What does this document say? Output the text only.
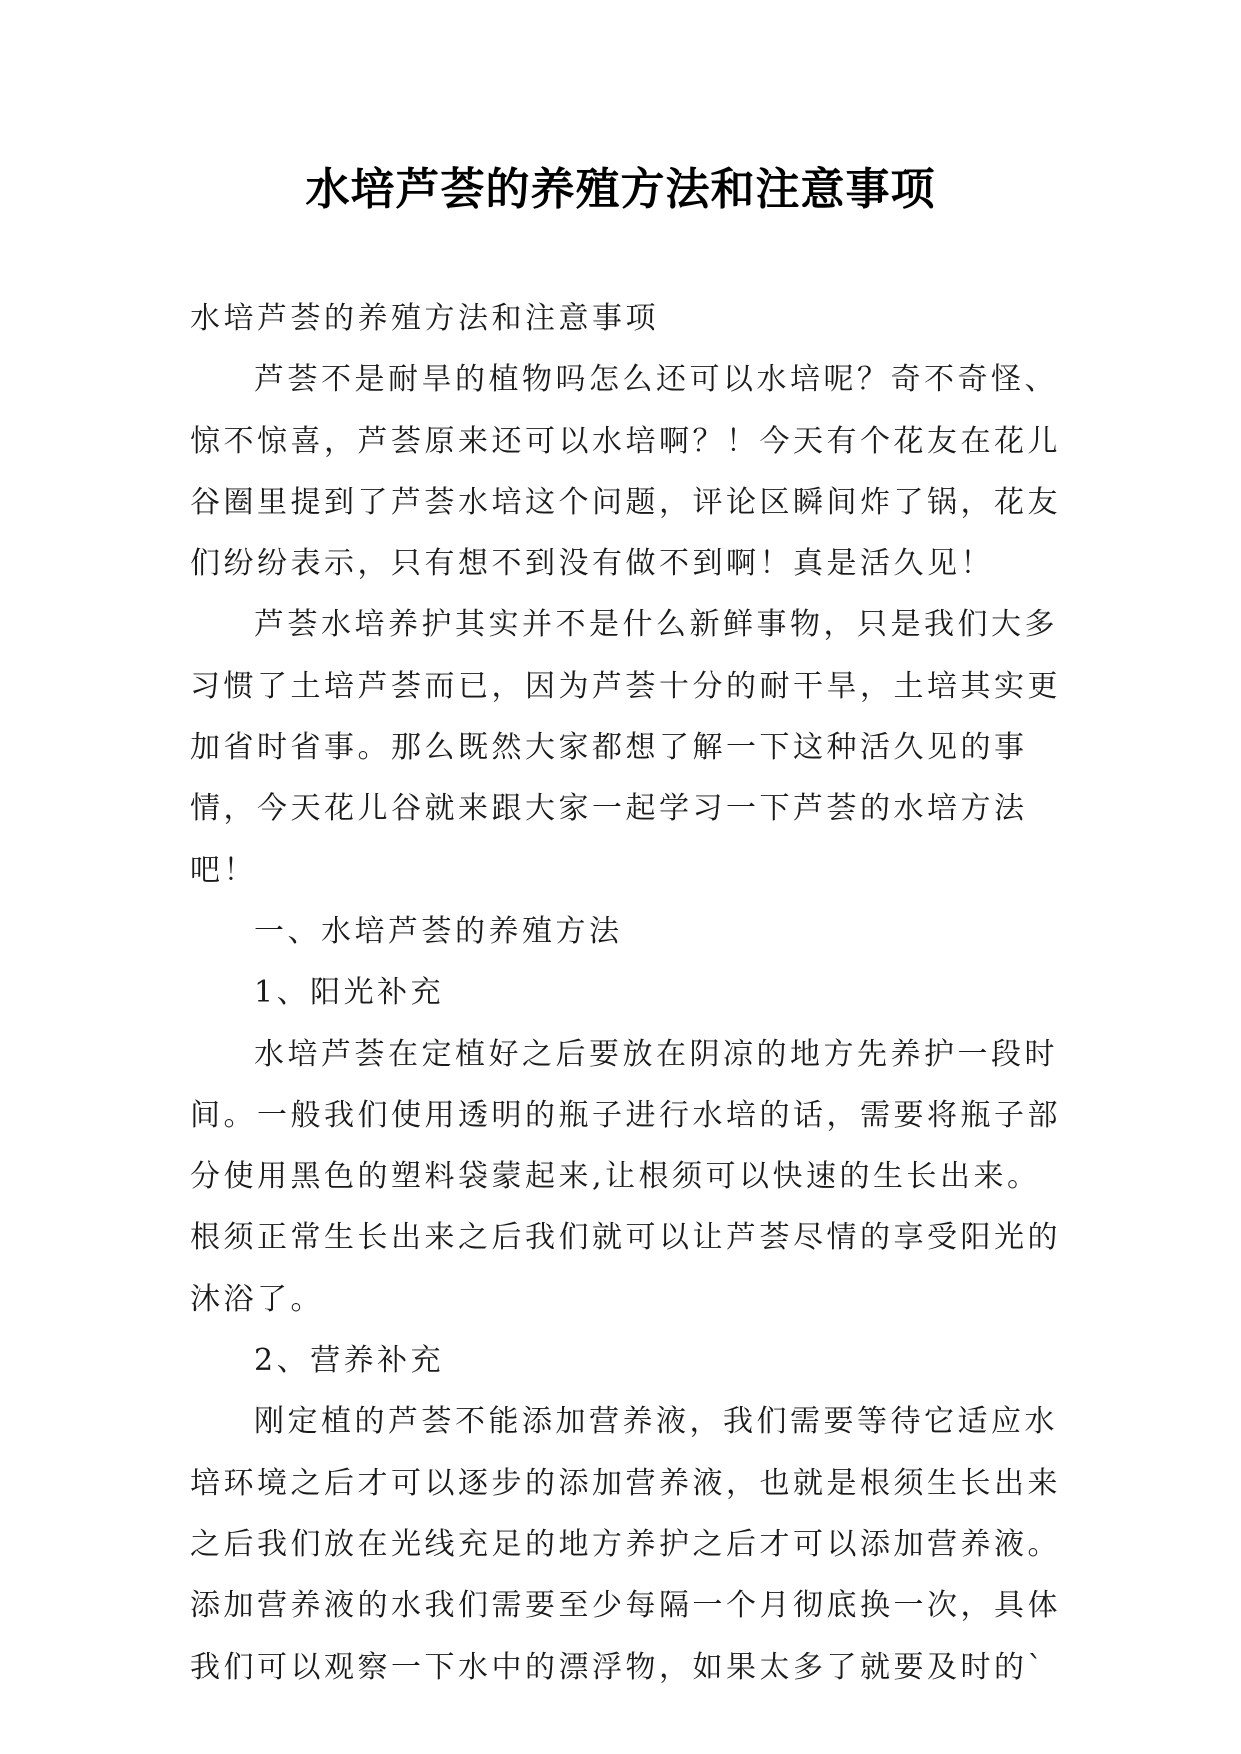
水培芦荟的养殖方法和注意事项

水培芦荟的养殖方法和注意事项

芦荟不是耐旱的植物吗怎么还可以水培呢？奇不奇怪、惊不惊喜，芦荟原来还可以水培啊？！今天有个花友在花儿谷圈里提到了芦荟水培这个问题，评论区瞬间炸了锅，花友们纷纷表示，只有想不到没有做不到啊！真是活久见！

芦荟水培养护其实并不是什么新鲜事物，只是我们大多习惯了土培芦荟而已，因为芦荟十分的耐干旱，土培其实更加省时省事。那么既然大家都想了解一下这种活久见的事情，今天花儿谷就来跟大家一起学习一下芦荟的水培方法吧！

一、水培芦荟的养殖方法

1、阳光补充

水培芦荟在定植好之后要放在阴凉的地方先养护一段时间。一般我们使用透明的瓶子进行水培的话，需要将瓶子部分使用黑色的塑料袋蒙起来,让根须可以快速的生长出来。根须正常生长出来之后我们就可以让芦荟尽情的享受阳光的沐浴了。

2、营养补充

刚定植的芦荟不能添加营养液，我们需要等待它适应水培环境之后才可以逐步的添加营养液，也就是根须生长出来之后我们放在光线充足的地方养护之后才可以添加营养液。添加营养液的水我们需要至少每隔一个月彻底换一次，具体我们可以观察一下水中的漂浮物，如果太多了就要及时的`
